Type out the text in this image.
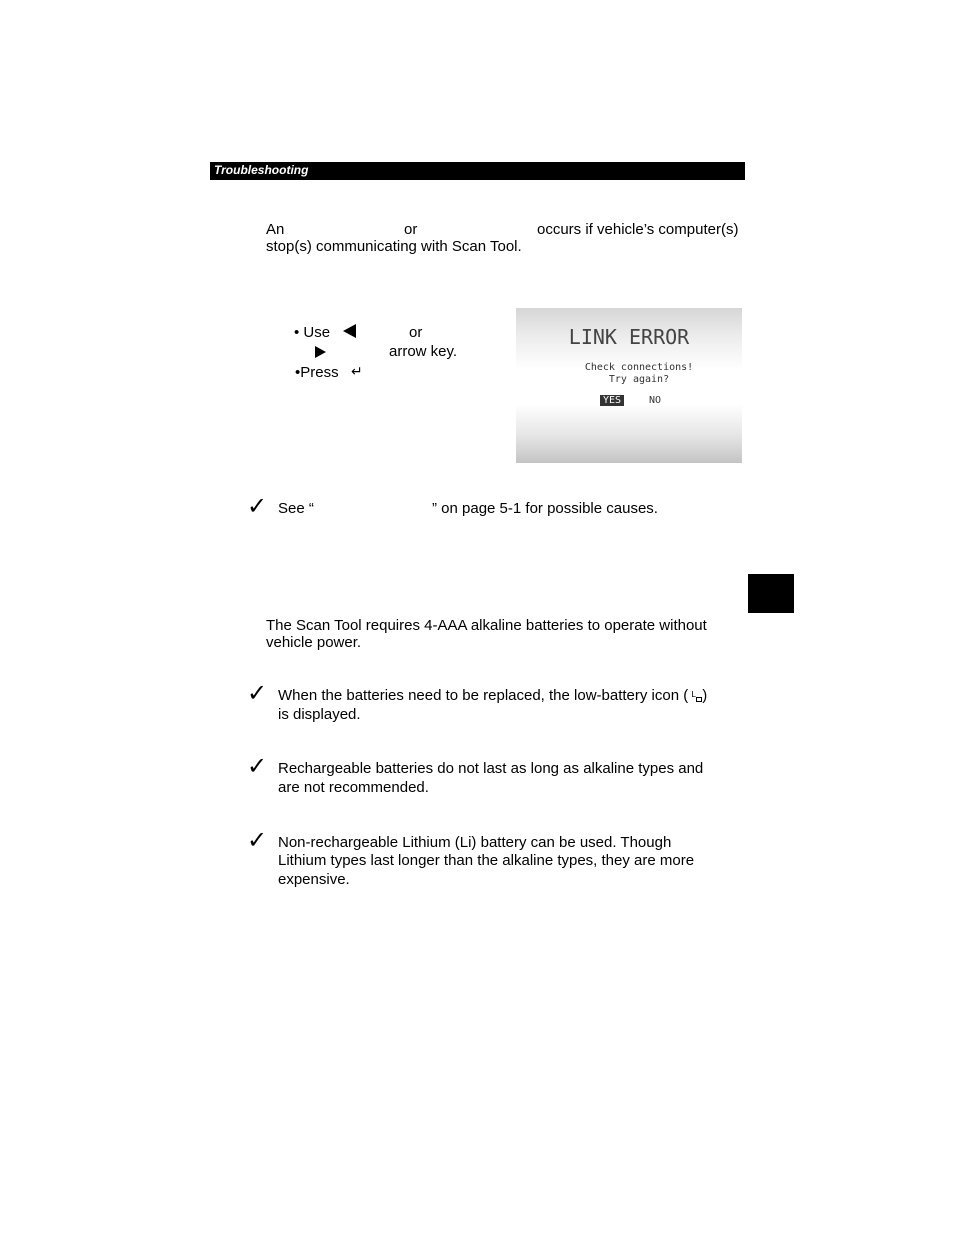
Troubleshooting
An	or	occurs if vehicle’s computer(s)
stop(s) communicating with Scan Tool.
• Use	or
arrow key.
•Press ↵
LINK ERROR
Check connections!
Try again?
YES	NO
✓ See “	” on page 5-1 for possible causes.
The Scan Tool requires 4-AAA alkaline batteries to operate without
vehicle power.
✓ When the batteries need to be replaced, the low-battery icon ( L )
is displayed.
✓ Rechargeable batteries do not last as long as alkaline types and
are not recommended.
✓ Non-rechargeable Lithium (Li) battery can be used. Though
Lithium types last longer than the alkaline types, they are more
expensive.
